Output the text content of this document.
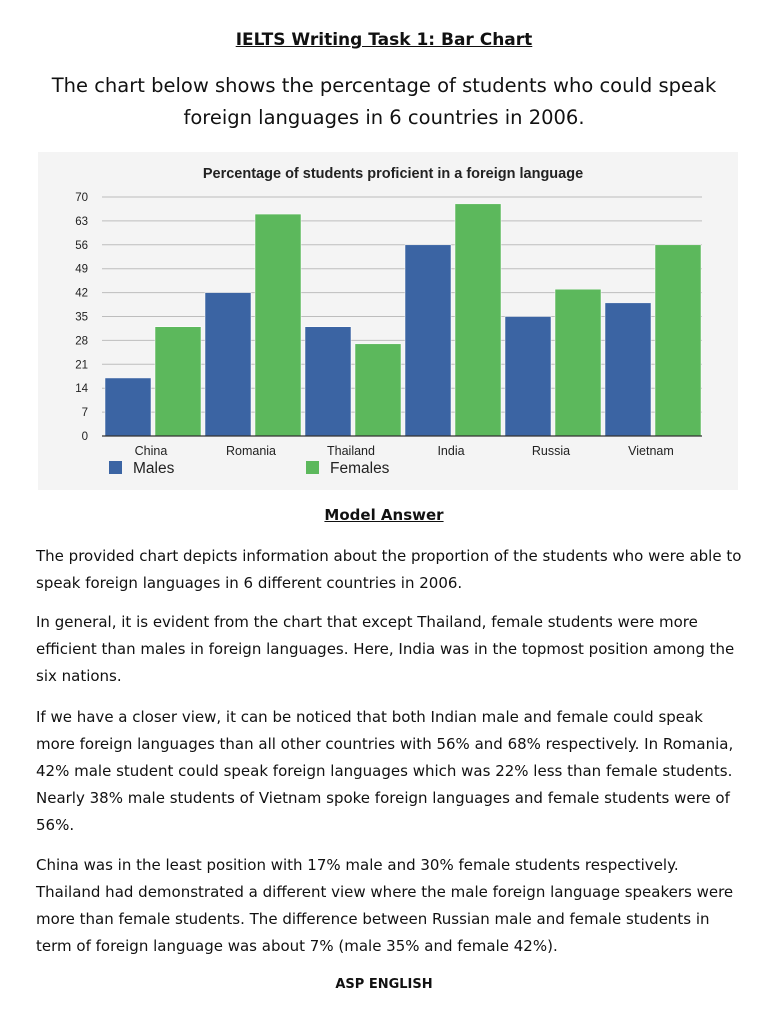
IELTS Writing Task 1: Bar Chart

The chart below shows the percentage of students who could speak foreign languages in 6 countries in 2006.

Percentage of students proficient in a foreign language
0
7
14
21
28
35
42
49
56
63
70
China	Romania	Thailand	India	Russia	Vietnam
Males	Females
Model Answer

The provided chart depicts information about the proportion of the students who were able to speak foreign languages in 6 different countries in 2006.

In general, it is evident from the chart that except Thailand, female students were more efficient than males in foreign languages. Here, India was in the topmost position among the six nations.

If we have a closer view, it can be noticed that both Indian male and female could speak more foreign languages than all other countries with 56% and 68% respectively. In Romania, 42% male student could speak foreign languages which was 22% less than female students. Nearly 38% male students of Vietnam spoke foreign languages and female students were of 56%.

China was in the least position with 17% male and 30% female students respectively. Thailand had demonstrated a different view where the male foreign language speakers were more than female students. The difference between Russian male and female students in term of foreign language was about 7% (male 35% and female 42%).

ASP ENGLISH
